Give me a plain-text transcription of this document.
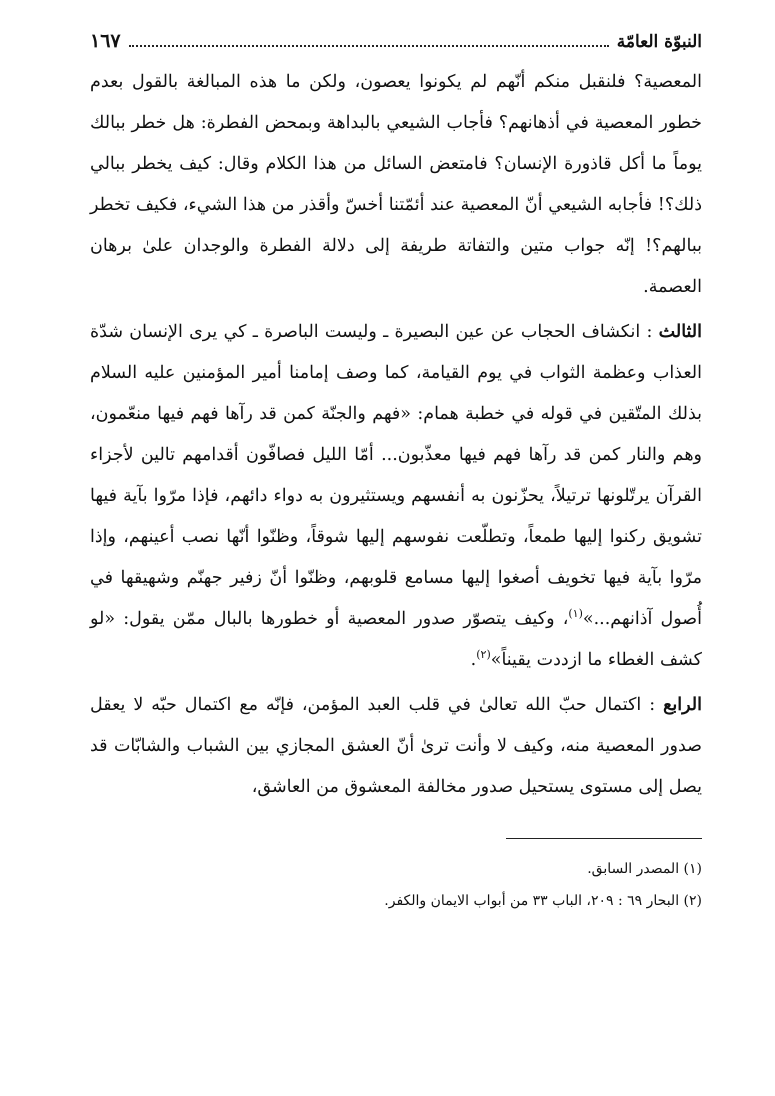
النبوّة العامّة
١٦٧

المعصية؟ فلنقبل منكم أنّهم لم يكونوا يعصون، ولكن ما هذه المبالغة بالقول بعدم خطور المعصية في أذهانهم؟ فأجاب الشيعي بالبداهة وبمحض الفطرة: هل خطر ببالك يوماً ما أكل قاذورة الإنسان؟ فامتعض السائل من هذا الكلام وقال: كيف يخطر ببالي ذلك؟! فأجابه الشيعي أنّ المعصية عند أئمّتنا أخسّ وأقذر من هذا الشيء، فكيف تخطر ببالهم؟! إنّه جواب متين والتفاتة طريفة إلى دلالة الفطرة والوجدان علىٰ برهان العصمة.

الثالث : انكشاف الحجاب عن عين البصيرة ـ وليست الباصرة ـ كي يرى الإنسان شدّة العذاب وعظمة الثواب في يوم القيامة، كما وصف إمامنا أمير المؤمنين عليه السلام بذلك المتّقين في قوله في خطبة همام: «فهم والجنّة كمن قد رآها فهم فيها منعّمون، وهم والنار كمن قد رآها فهم فيها معذّبون... أمّا الليل فصافّون أقدامهم تالين لأجزاء القرآن يرتّلونها ترتيلاً، يحزّنون به أنفسهم ويستثيرون به دواء دائهم، فإذا مرّوا بآية فيها تشويق ركنوا إليها طمعاً، وتطلّعت نفوسهم إليها شوقاً، وظنّوا أنّها نصب أعينهم، وإذا مرّوا بآية فيها تخويف أصغوا إليها مسامع قلوبهم، وظنّوا أنّ زفير جهنّم وشهيقها في أُصول آذانهم...»$^{(١)}$، وكيف يتصوّر صدور المعصية أو خطورها بالبال ممّن يقول: «لو كشف الغطاء ما ازددت يقيناً»$^{(٢)}$.

الرابع : اكتمال حبّ الله تعالىٰ في قلب العبد المؤمن، فإنّه مع اكتمال حبّه لا يعقل صدور المعصية منه، وكيف لا وأنت ترىٰ أنّ العشق المجازي بين الشباب والشابّات قد يصل إلى مستوى يستحيل صدور مخالفة المعشوق من العاشق،

(١) المصدر السابق.

(٢) البحار ٦٩ : ٢٠٩، الباب ٣٣ من أبواب الايمان والكفر.
